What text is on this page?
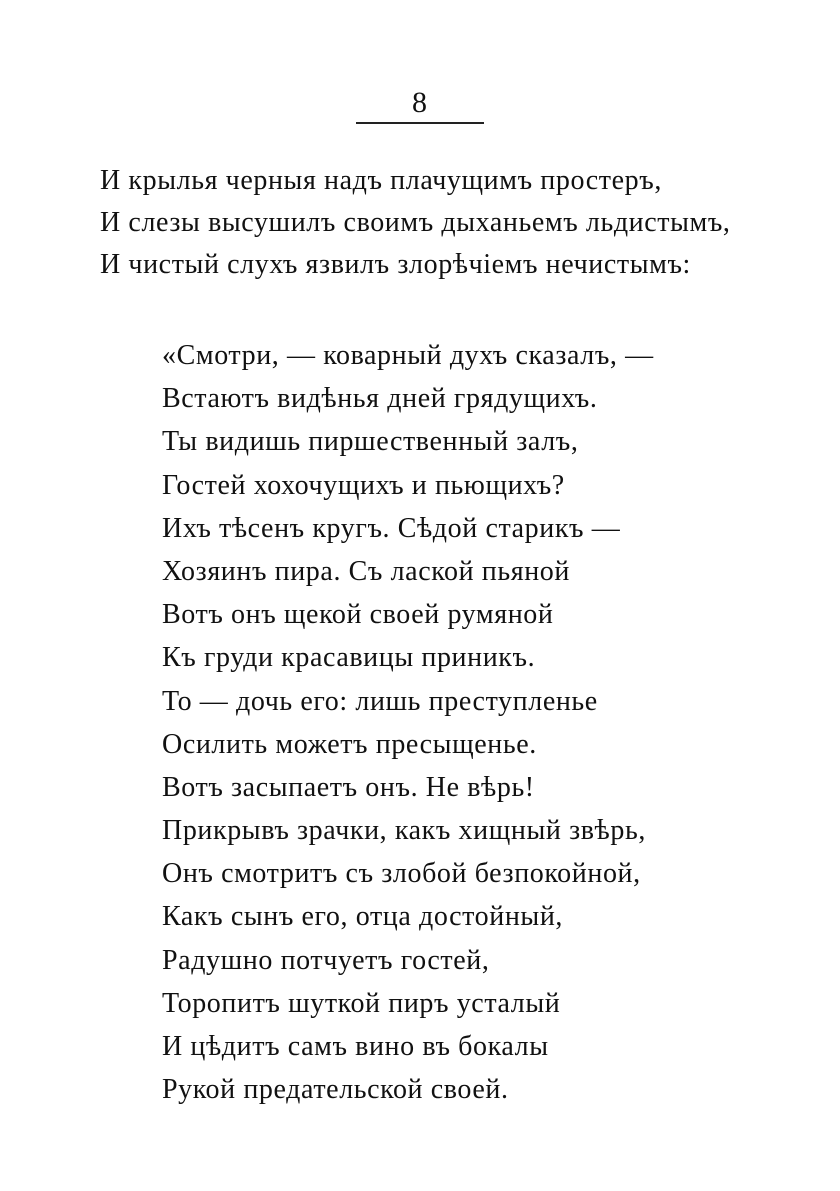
8
И крылья черныя надъ плачущимъ простеръ,
И слезы высушилъ своимъ дыханьемъ льдистымъ,
И чистый слухъ язвилъ злорѣчіемъ нечистымъ:
«Смотри, — коварный духъ сказалъ, —
Встаютъ видѣнья дней грядущихъ.
Ты видишь пиршественный залъ,
Гостей хохочущихъ и пьющихъ?
Ихъ тѣсенъ кругъ. Сѣдой старикъ —
Хозяинъ пира. Съ лаской пьяной
Вотъ онъ щекой своей румяной
Къ груди красавицы приникъ.
То — дочь его: лишь преступленье
Осилить можетъ пресыщенье.
Вотъ засыпаетъ онъ. Не вѣрь!
Прикрывъ зрачки, какъ хищный звѣрь,
Онъ смотритъ съ злобой безпокойной,
Какъ сынъ его, отца достойный,
Радушно потчуетъ гостей,
Торопитъ шуткой пиръ усталый
И цѣдитъ самъ вино въ бокалы
Рукой предательской своей.
